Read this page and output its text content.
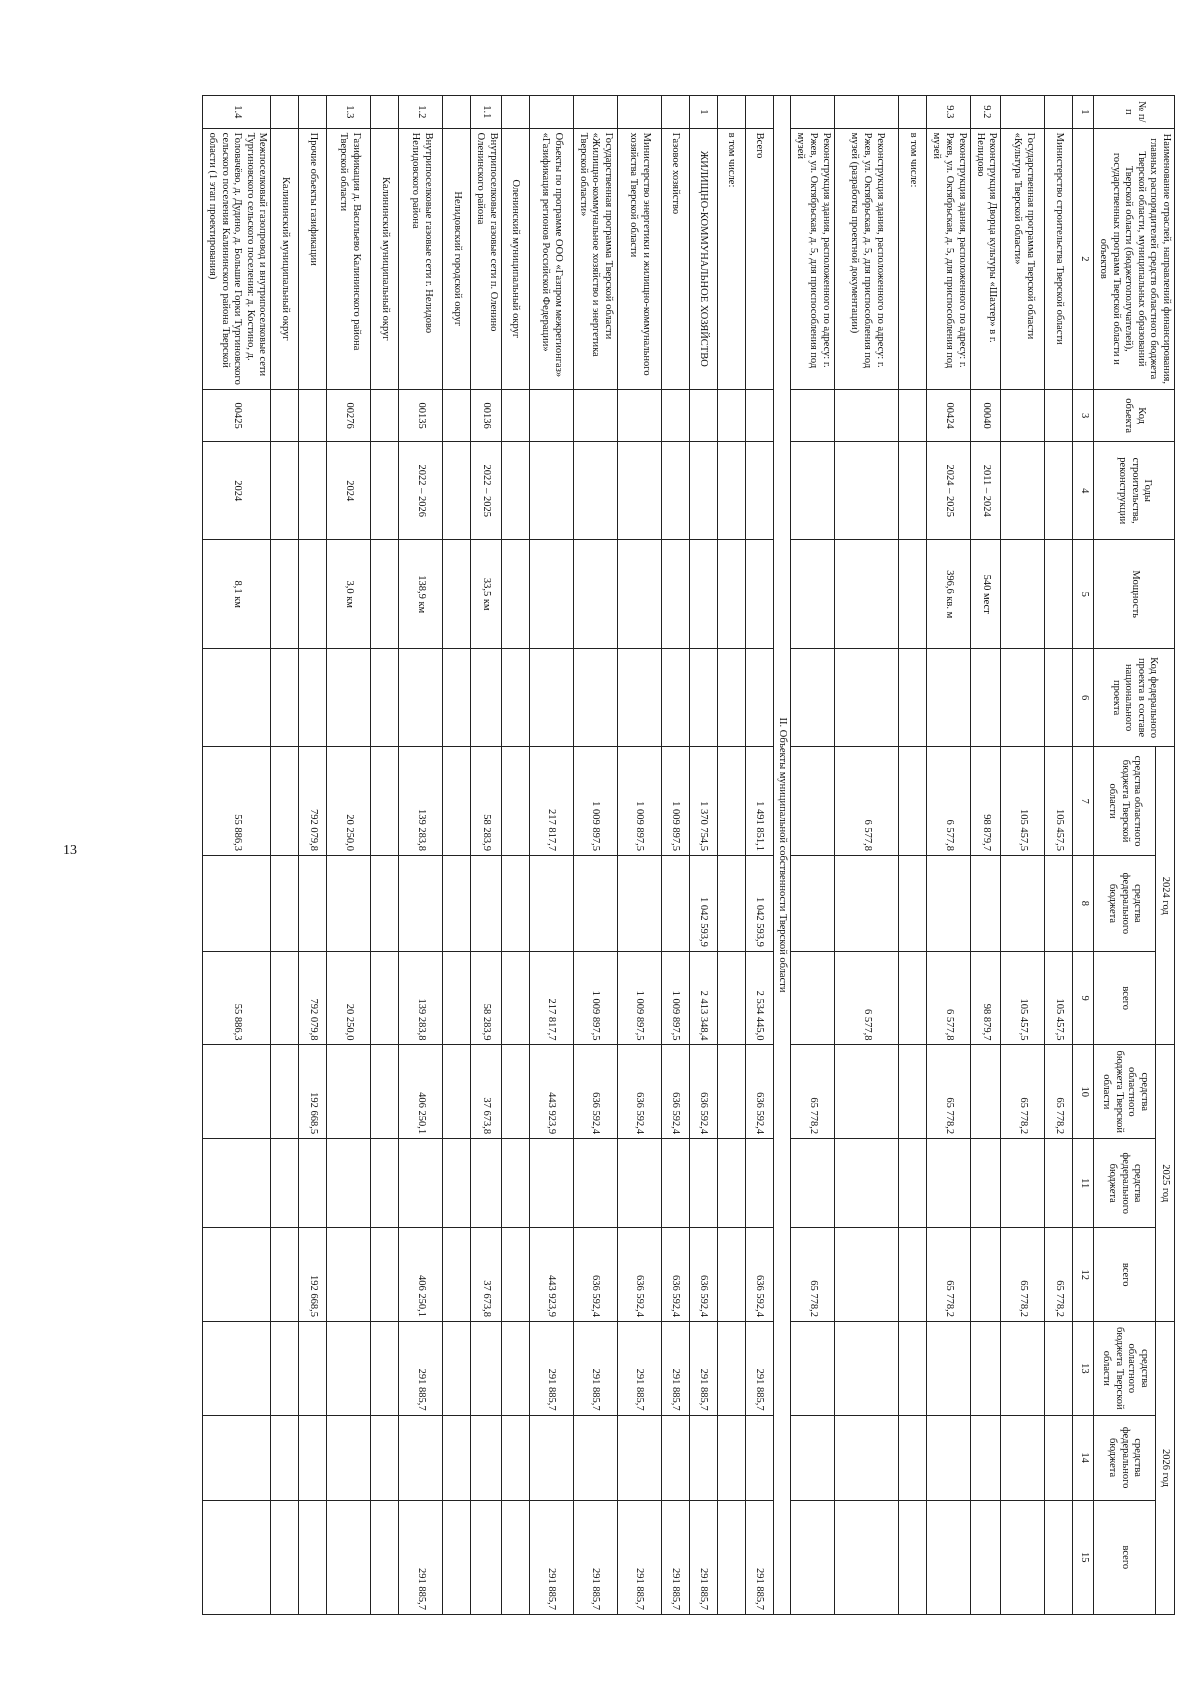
13
№ п/п	Наименование отраслей, направлений финансирования, главных распорядителей средств областного бюджета Тверской области, муниципальных образований Тверской области (бюджетополучателей), государственных программ Тверской области и объектов	Код объекта	Годы строительства, реконструкции	Мощность	Код федерального проекта в составе национального проекта	2024 год			2025 год			2026 год		
						средства областного бюджета Тверской области	средства федерального бюджета	всего	средства областного бюджета Тверской области	средства федерального бюджета	всего	средства областного бюджета Тверской области	средства федерального бюджета	всего
1	2	3	4	5	6	7	8	9	10	11	12	13	14	15
	Министерство строительства Тверской области					105 457,5		105 457,5	65 778,2		65 778,2			
	Государственная программа Тверской области «Культура Тверской области»					105 457,5		105 457,5	65 778,2		65 778,2			
9.2	Реконструкция Дворца культуры «Шахтер» в г. Нелидово	00040	2011 – 2024	540 мест		98 879,7		98 879,7						
9.3	Реконструкция здания, расположенного по адресу: г. Ржев, ул. Октябрьская, д. 5, для приспособления под музей	00424	2024 – 2025	396,6 кв. м		6 577,8		6 577,8	65 778,2		65 778,2			
	в том числе:													
	Реконструкция здания, расположенного по адресу: г. Ржев, ул. Октябрьская, д. 5, для приспособления под музей (разработка проектной документации)					6 577,8		6 577,8						
	Реконструкция здания, расположенного по адресу: г. Ржев, ул. Октябрьская, д. 5, для приспособления под музей								65 778,2		65 778,2			
II. Объекты муниципальной собственности Тверской области														
	Всего					1 491 851,1	1 042 593,9	2 534 445,0	636 592,4		636 592,4	291 885,7		291 885,7
	в том числе:													
1	ЖИЛИЩНО-КОММУНАЛЬНОЕ ХОЗЯЙСТВО					1 370 754,5	1 042 593,9	2 413 348,4	636 592,4		636 592,4	291 885,7		291 885,7
	Газовое хозяйство					1 009 897,5		1 009 897,5	636 592,4		636 592,4	291 885,7		291 885,7
	Министерство энергетики и жилищно-коммунального хозяйства Тверской области					1 009 897,5		1 009 897,5	636 592,4		636 592,4	291 885,7		291 885,7
	Государственная программа Тверской области «Жилищно-коммунальное хозяйство и энергетика Тверской области»					1 009 897,5		1 009 897,5	636 592,4		636 592,4	291 885,7		291 885,7
	Объекты по программе ООО «Газпром межрегионгаз» «Газификация регионов Российской Федерации»					217 817,7		217 817,7	443 923,9		443 923,9	291 885,7		291 885,7
	Оленинский муниципальный округ													
1.1	Внутрипоселковые газовые сети п. Оленино Оленинского района	00136	2022 – 2025	33,5 км		58 283,9		58 283,9	37 673,8		37 673,8			
	Нелидовский городской округ													
1.2	Внутрипоселковые газовые сети г. Нелидово Нелидовского района	00135	2022 – 2026	138,9 км		139 283,8		139 283,8	406 250,1		406 250,1	291 885,7		291 885,7
	Калининский муниципальный округ													
1.3	Газификация д. Васильево Калининского района Тверской области	00276	2024	3,0 км		20 250,0		20 250,0						
	Прочие объекты газификации					792 079,8		792 079,8	192 668,5		192 668,5			
	Калининский муниципальный округ													
1.4	Межпоселковый газопровод и внутрипоселковые сети Тургиновского сельского поселения: д. Костино, д. Головачёво, д. Дудино, д. Большие Горки Тургиновского сельского поселения Калининского района Тверской области (1 этап проектирования)	00425	2024	8,1 км		55 886,3		55 886,3						
